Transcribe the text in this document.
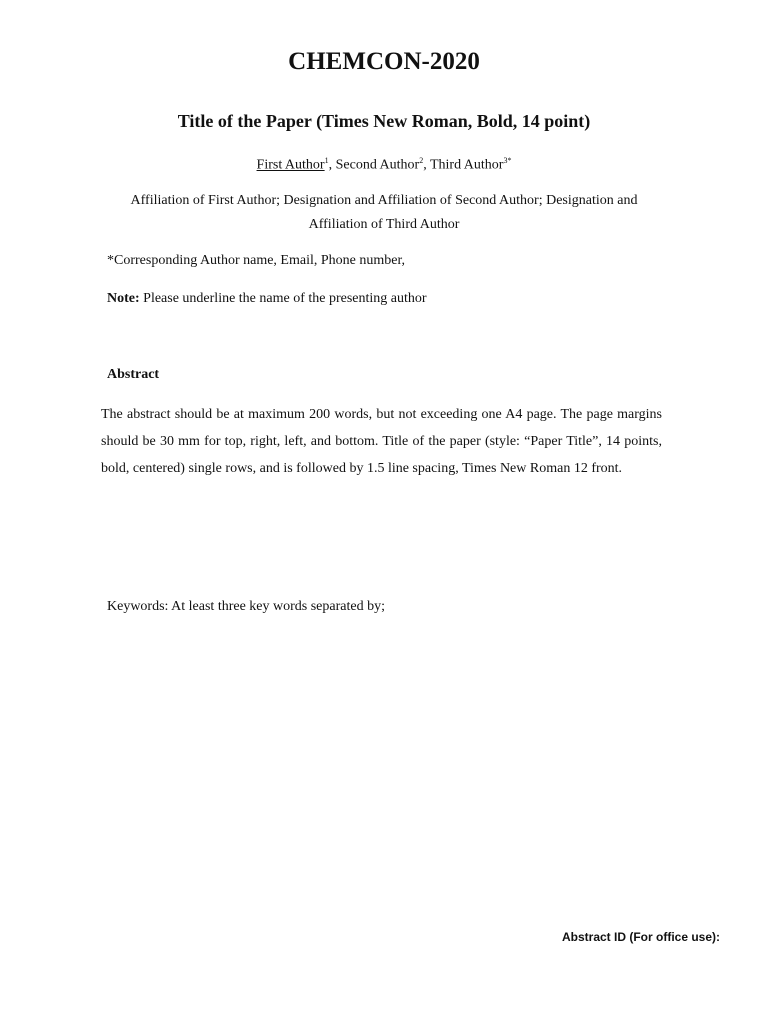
CHEMCON-2020
Title of the Paper (Times New Roman, Bold, 14 point)
First Author$^1$, Second Author$^2$, Third Author$^{3*}$
Affiliation of First Author; Designation and Affiliation of Second Author; Designation and
Affiliation of Third Author
*Corresponding Author name, Email, Phone number,
Note: Please underline the name of the presenting author
Abstract
The abstract should be at maximum 200 words, but not exceeding one A4 page. The page margins should be 30 mm for top, right, left, and bottom. Title of the paper (style: “Paper Title”, 14 points, bold, centered) single rows, and is followed by 1.5 line spacing, Times New Roman 12 front.
Keywords: At least three key words separated by;
Abstract ID (For office use):
